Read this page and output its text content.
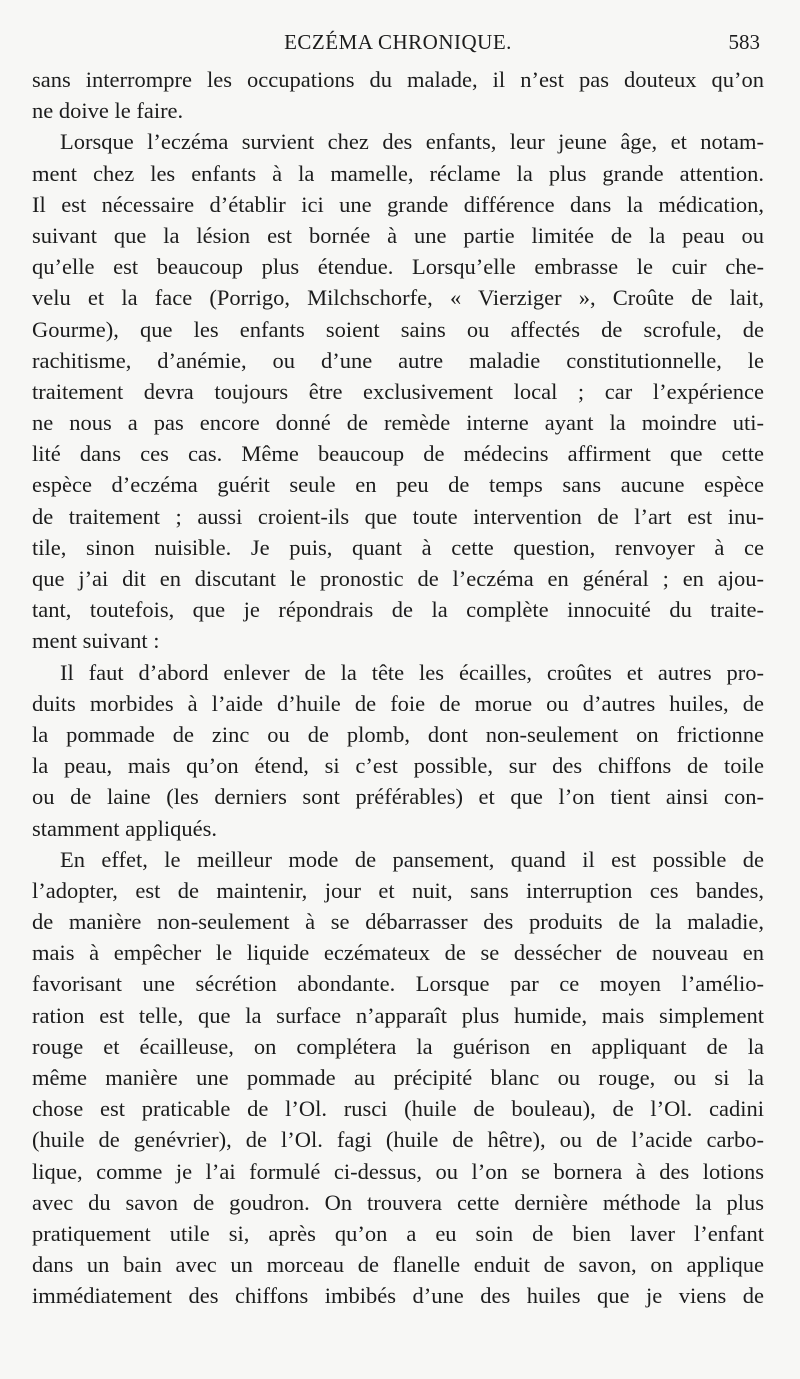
ECZÉMA CHRONIQUE.	583
sans interrompre les occupations du malade, il n’est pas douteux qu’on
ne doive le faire.
Lorsque l’eczéma survient chez des enfants, leur jeune âge, et notam-
ment chez les enfants à la mamelle, réclame la plus grande attention.
Il est nécessaire d’établir ici une grande différence dans la médication,
suivant que la lésion est bornée à une partie limitée de la peau ou
qu’elle est beaucoup plus étendue. Lorsqu’elle embrasse le cuir che-
velu et la face (Porrigo, Milchschorfe, « Vierziger », Croûte de lait,
Gourme), que les enfants soient sains ou affectés de scrofule, de
rachitisme, d’anémie, ou d’une autre maladie constitutionnelle, le
traitement devra toujours être exclusivement local ; car l’expérience
ne nous a pas encore donné de remède interne ayant la moindre uti-
lité dans ces cas. Même beaucoup de médecins affirment que cette
espèce d’eczéma guérit seule en peu de temps sans aucune espèce
de traitement ; aussi croient-ils que toute intervention de l’art est inu-
tile, sinon nuisible. Je puis, quant à cette question, renvoyer à ce
que j’ai dit en discutant le pronostic de l’eczéma en général ; en ajou-
tant, toutefois, que je répondrais de la complète innocuité du traite-
ment suivant :
Il faut d’abord enlever de la tête les écailles, croûtes et autres pro-
duits morbides à l’aide d’huile de foie de morue ou d’autres huiles, de
la pommade de zinc ou de plomb, dont non-seulement on frictionne
la peau, mais qu’on étend, si c’est possible, sur des chiffons de toile
ou de laine (les derniers sont préférables) et que l’on tient ainsi con-
stamment appliqués.
En effet, le meilleur mode de pansement, quand il est possible de
l’adopter, est de maintenir, jour et nuit, sans interruption ces bandes,
de manière non-seulement à se débarrasser des produits de la maladie,
mais à empêcher le liquide eczémateux de se dessécher de nouveau en
favorisant une sécrétion abondante. Lorsque par ce moyen l’amélio-
ration est telle, que la surface n’apparaît plus humide, mais simplement
rouge et écailleuse, on complétera la guérison en appliquant de la
même manière une pommade au précipité blanc ou rouge, ou si la
chose est praticable de l’Ol. rusci (huile de bouleau), de l’Ol. cadini
(huile de genévrier), de l’Ol. fagi (huile de hêtre), ou de l’acide carbo-
lique, comme je l’ai formulé ci-dessus, ou l’on se bornera à des lotions
avec du savon de goudron. On trouvera cette dernière méthode la plus
pratiquement utile si, après qu’on a eu soin de bien laver l’enfant
dans un bain avec un morceau de flanelle enduit de savon, on applique
immédiatement des chiffons imbibés d’une des huiles que je viens de
